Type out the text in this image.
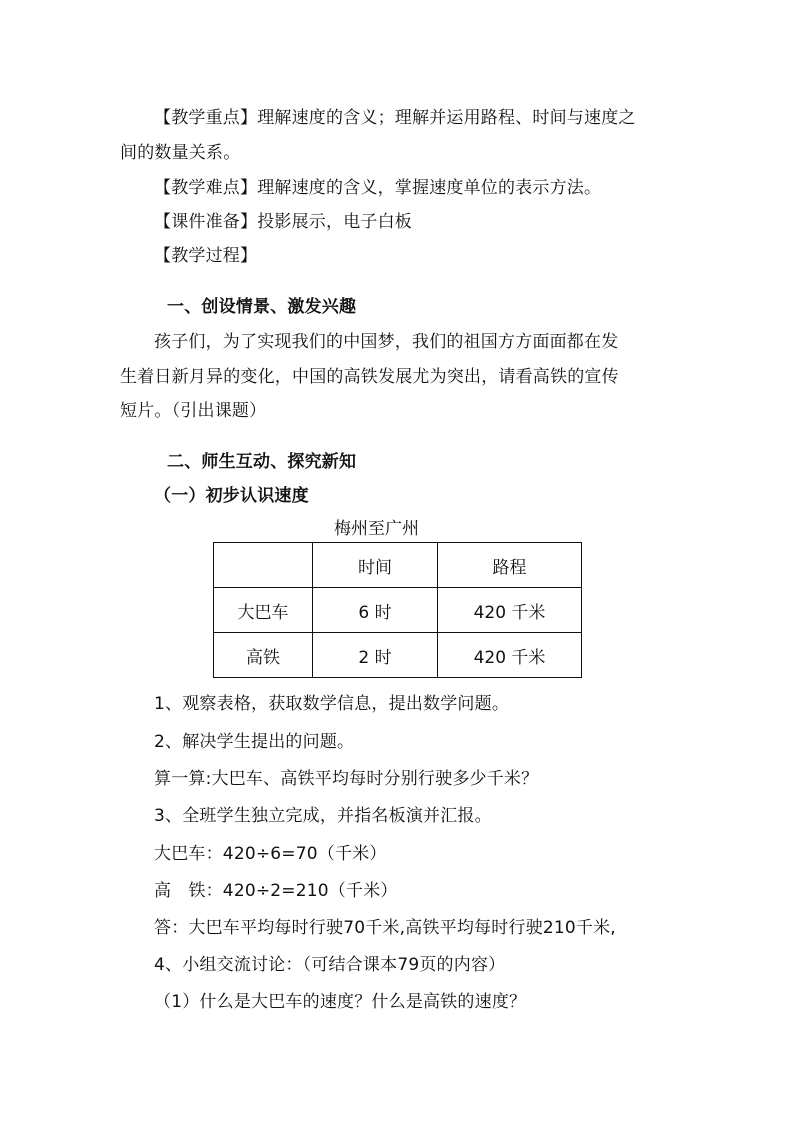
【教学重点】理解速度的含义；理解并运用路程、时间与速度之
间的数量关系。
【教学难点】理解速度的含义，掌握速度单位的表示方法。
【课件准备】投影展示，电子白板
【教学过程】
一、创设情景、激发兴趣
孩子们，为了实现我们的中国梦，我们的祖国方方面面都在发
生着日新月异的变化，中国的高铁发展尤为突出，请看高铁的宣传
短片。（引出课题）
二、师生互动、探究新知
（一）初步认识速度
梅州至广州
	时间	路程
大巴车	6 时	420 千米
高铁	2 时	420 千米
1、观察表格，获取数学信息，提出数学问题。
2、解决学生提出的问题。
算一算:大巴车、高铁平均每时分别行驶多少千米？
3、全班学生独立完成，并指名板演并汇报。
大巴车：420÷6=70（千米）
高　铁：420÷2=210（千米）
答：大巴车平均每时行驶70千米,高铁平均每时行驶210千米,
4、小组交流讨论：（可结合课本79页的内容）
（1）什么是大巴车的速度？什么是高铁的速度？
